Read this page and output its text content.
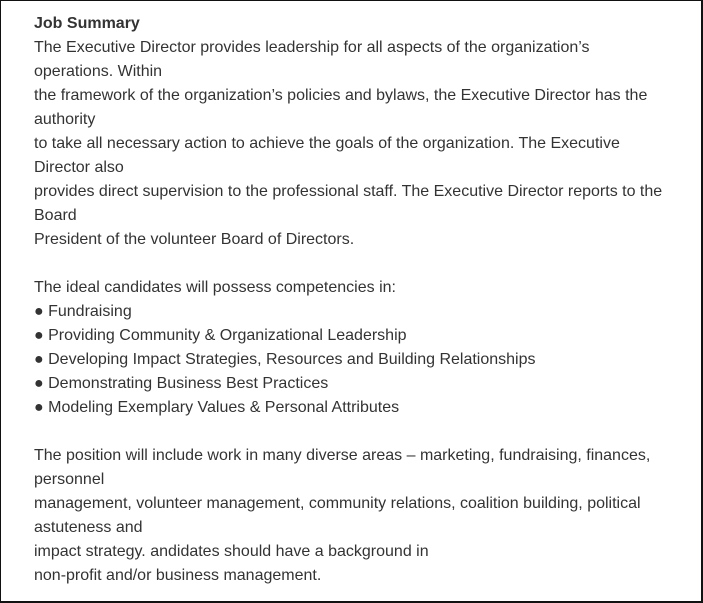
Job Summary
The Executive Director provides leadership for all aspects of the organization’s
operations. Within
the framework of the organization’s policies and bylaws, the Executive Director has the
authority
to take all necessary action to achieve the goals of the organization. The Executive
Director also
provides direct supervision to the professional staff. The Executive Director reports to the
Board
President of the volunteer Board of Directors.
The ideal candidates will possess competencies in:
● Fundraising
● Providing Community & Organizational Leadership
● Developing Impact Strategies, Resources and Building Relationships
● Demonstrating Business Best Practices
● Modeling Exemplary Values & Personal Attributes
The position will include work in many diverse areas – marketing, fundraising, finances,
personnel
management, volunteer management, community relations, coalition building, political
astuteness and
impact strategy. andidates should have a background in
non-profit and/or business management.
